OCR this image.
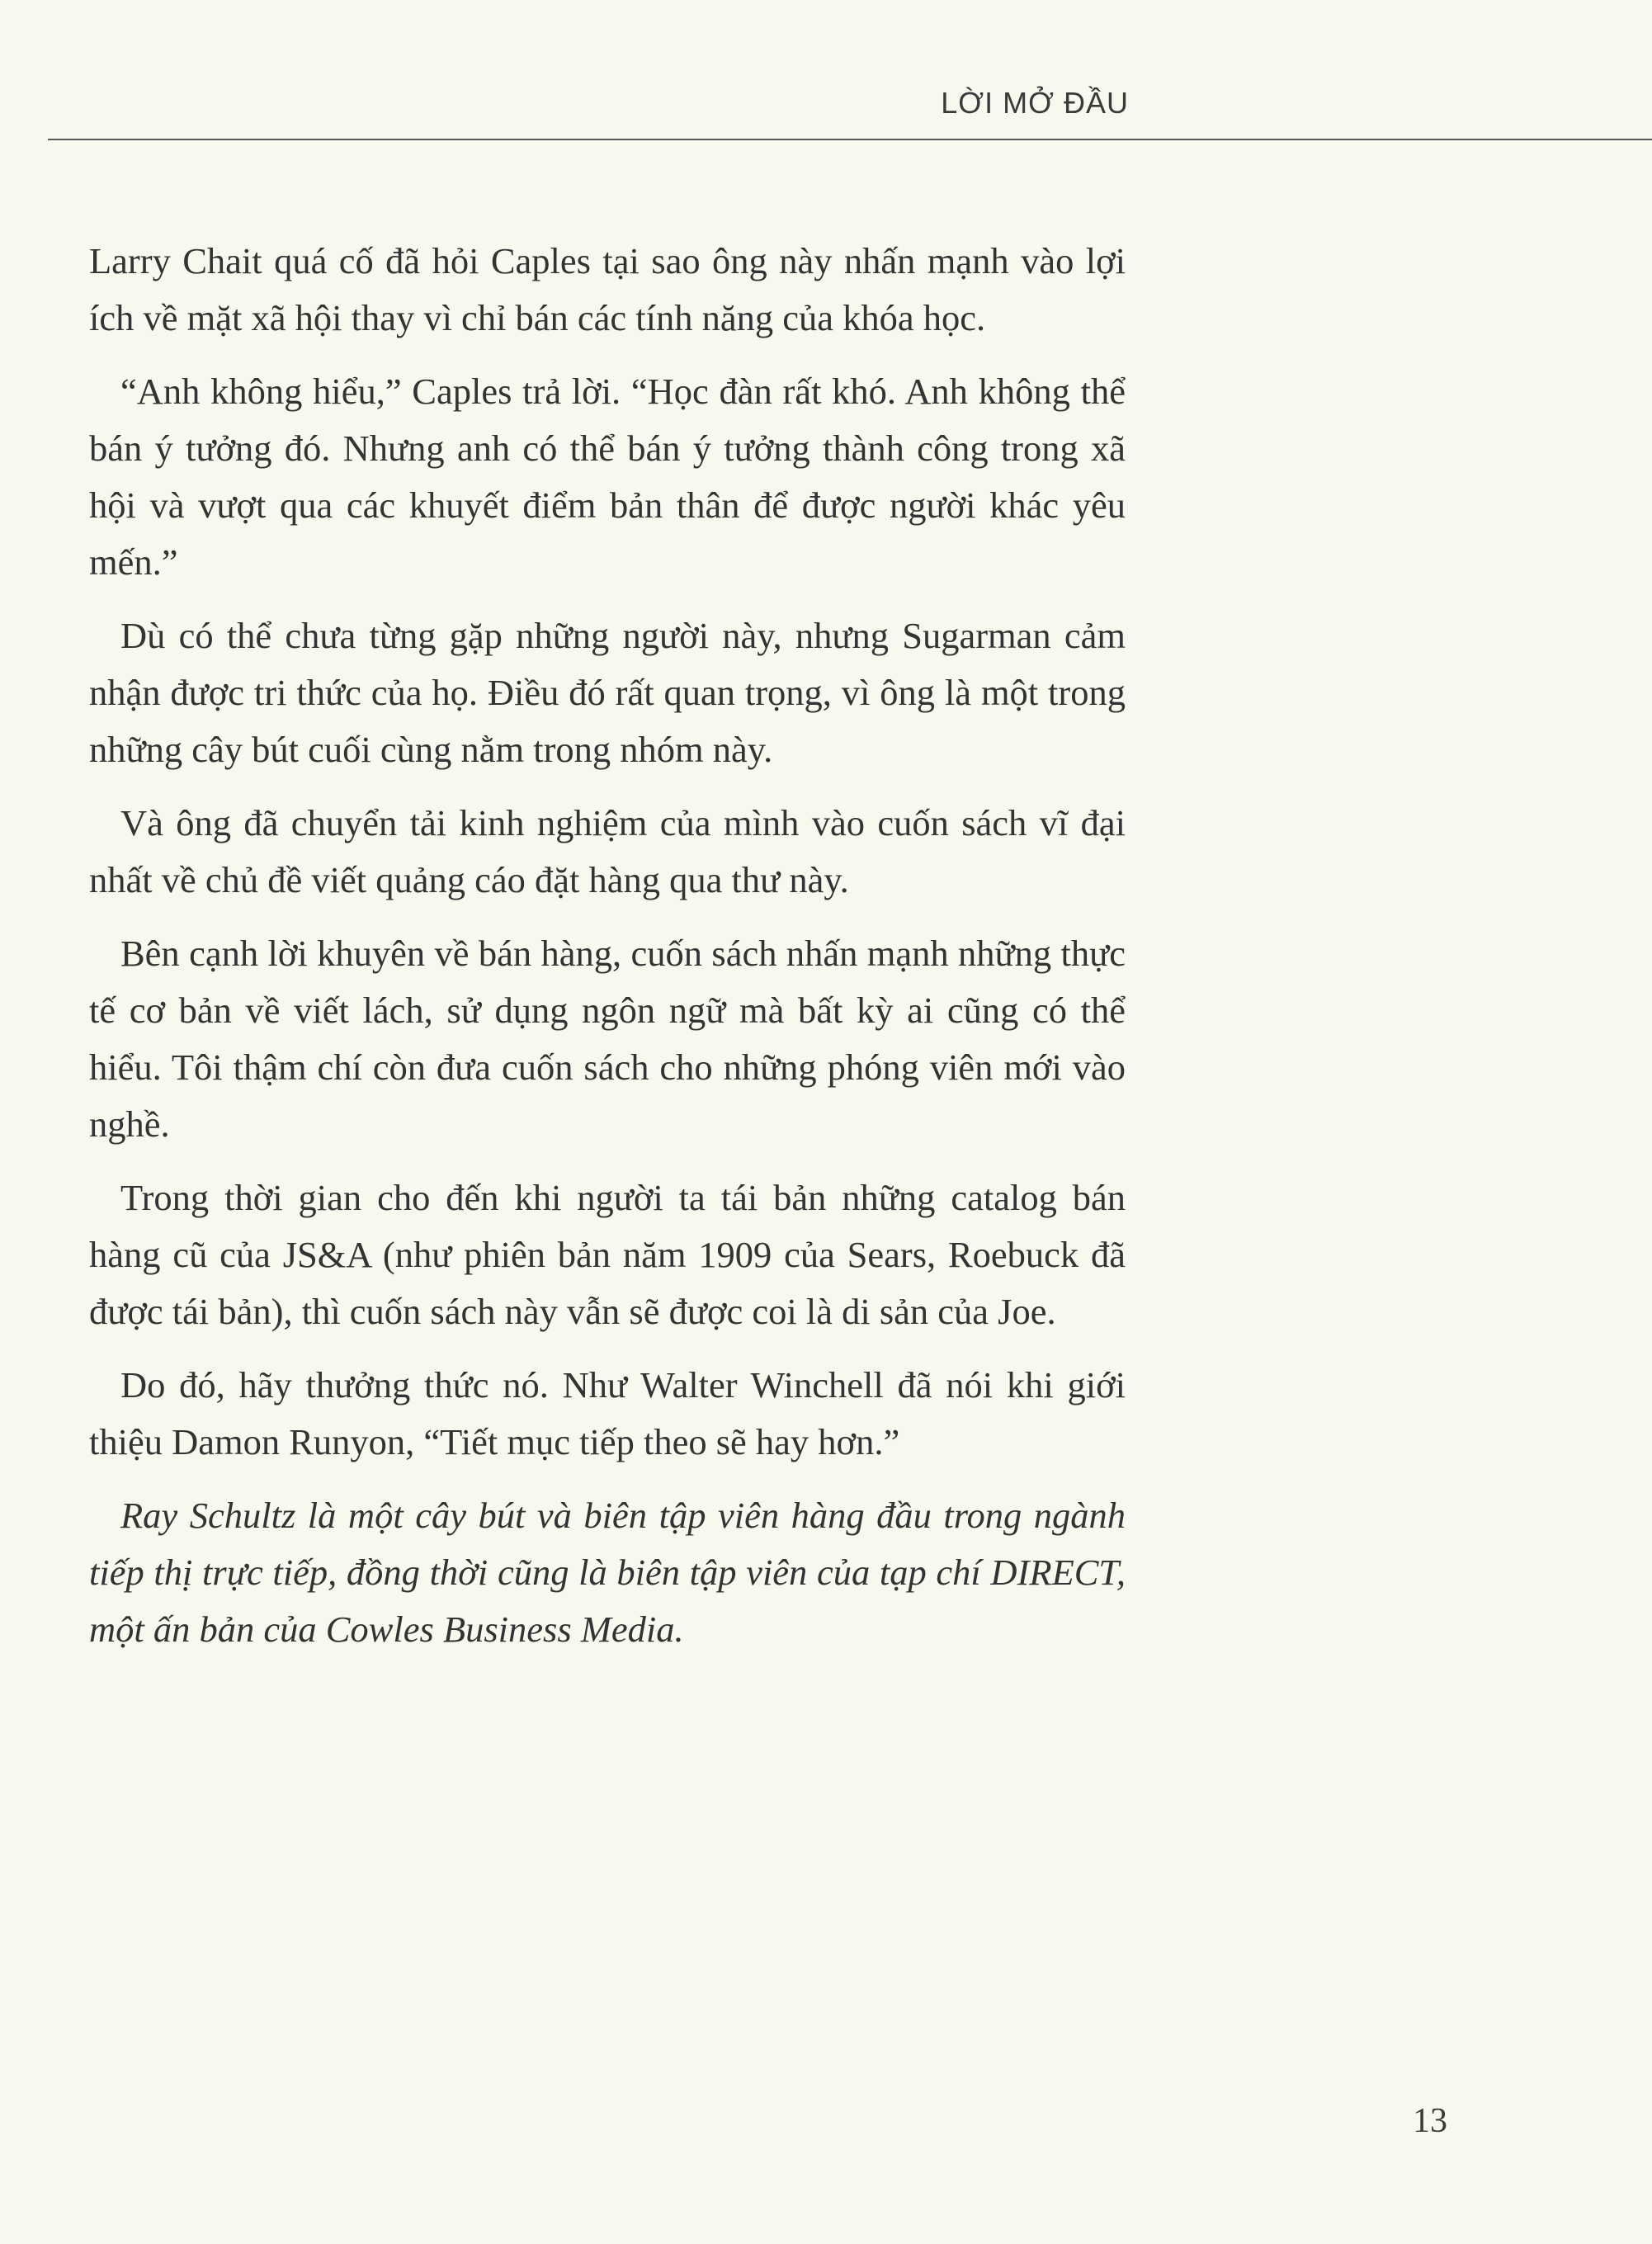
LỜI MỞ ĐẦU

Larry Chait quá cố đã hỏi Caples tại sao ông này nhấn mạnh vào lợi ích về mặt xã hội thay vì chỉ bán các tính năng của khóa học.

“Anh không hiểu,” Caples trả lời. “Học đàn rất khó. Anh không thể bán ý tưởng đó. Nhưng anh có thể bán ý tưởng thành công trong xã hội và vượt qua các khuyết điểm bản thân để được người khác yêu mến.”

Dù có thể chưa từng gặp những người này, nhưng Sugarman cảm nhận được tri thức của họ. Điều đó rất quan trọng, vì ông là một trong những cây bút cuối cùng nằm trong nhóm này.

Và ông đã chuyển tải kinh nghiệm của mình vào cuốn sách vĩ đại nhất về chủ đề viết quảng cáo đặt hàng qua thư này.

Bên cạnh lời khuyên về bán hàng, cuốn sách nhấn mạnh những thực tế cơ bản về viết lách, sử dụng ngôn ngữ mà bất kỳ ai cũng có thể hiểu. Tôi thậm chí còn đưa cuốn sách cho những phóng viên mới vào nghề.

Trong thời gian cho đến khi người ta tái bản những catalog bán hàng cũ của JS&A (như phiên bản năm 1909 của Sears, Roebuck đã được tái bản), thì cuốn sách này vẫn sẽ được coi là di sản của Joe.

Do đó, hãy thưởng thức nó. Như Walter Winchell đã nói khi giới thiệu Damon Runyon, “Tiết mục tiếp theo sẽ hay hơn.”

Ray Schultz là một cây bút và biên tập viên hàng đầu trong ngành tiếp thị trực tiếp, đồng thời cũng là biên tập viên của tạp chí DIRECT, một ấn bản của Cowles Business Media.

13
